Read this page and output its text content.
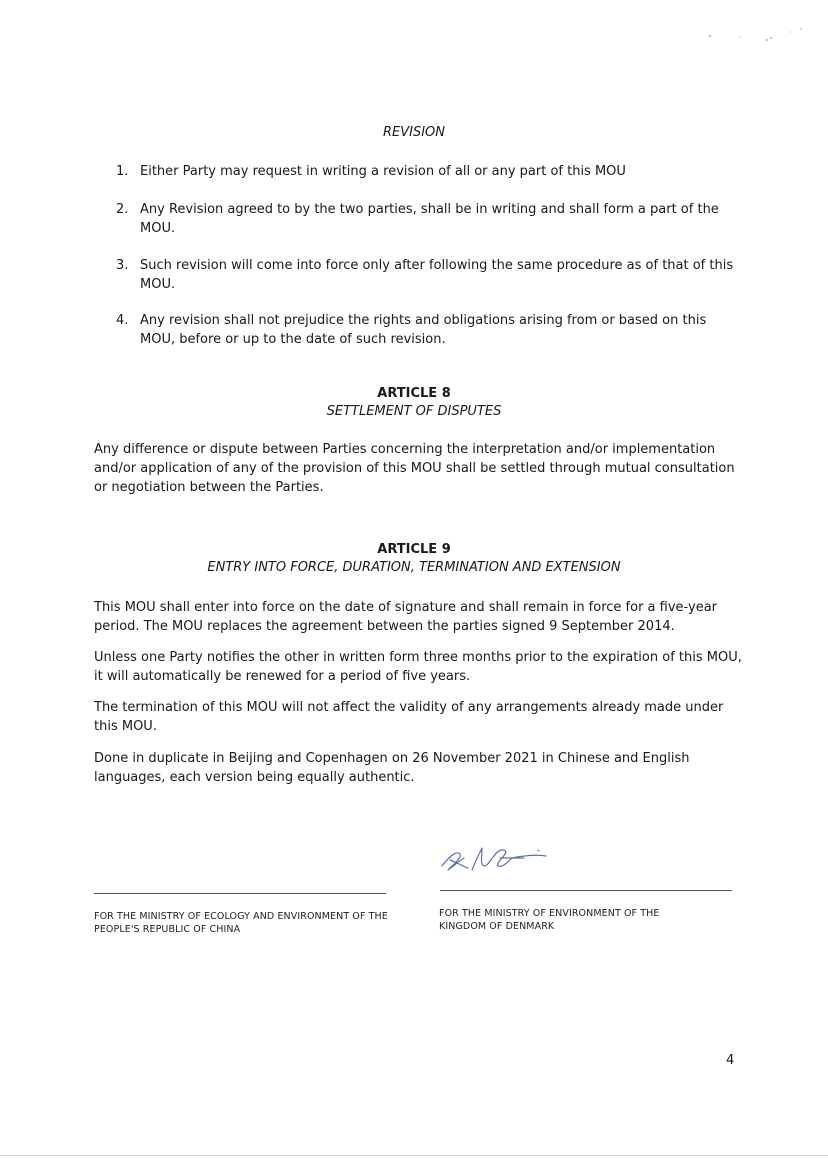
REVISION
1. Either Party may request in writing a revision of all or any part of this MOU
2. Any Revision agreed to by the two parties, shall be in writing and shall form a part of the MOU.
3. Such revision will come into force only after following the same procedure as of that of this MOU.
4. Any revision shall not prejudice the rights and obligations arising from or based on this MOU, before or up to the date of such revision.
ARTICLE 8
SETTLEMENT OF DISPUTES
Any difference or dispute between Parties concerning the interpretation and/or implementation and/or application of any of the provision of this MOU shall be settled through mutual consultation or negotiation between the Parties.
ARTICLE 9
ENTRY INTO FORCE, DURATION, TERMINATION AND EXTENSION
This MOU shall enter into force on the date of signature and shall remain in force for a five-year period. The MOU replaces the agreement between the parties signed 9 September 2014.
Unless one Party notifies the other in written form three months prior to the expiration of this MOU, it will automatically be renewed for a period of five years.
The termination of this MOU will not affect the validity of any arrangements already made under this MOU.
Done in duplicate in Beijing and Copenhagen on 26 November 2021 in Chinese and English languages, each version being equally authentic.
FOR THE MINISTRY OF ECOLOGY AND ENVIRONMENT OF THE PEOPLE'S REPUBLIC OF CHINA
FOR THE MINISTRY OF ENVIRONMENT OF THE KINGDOM OF DENMARK
4
